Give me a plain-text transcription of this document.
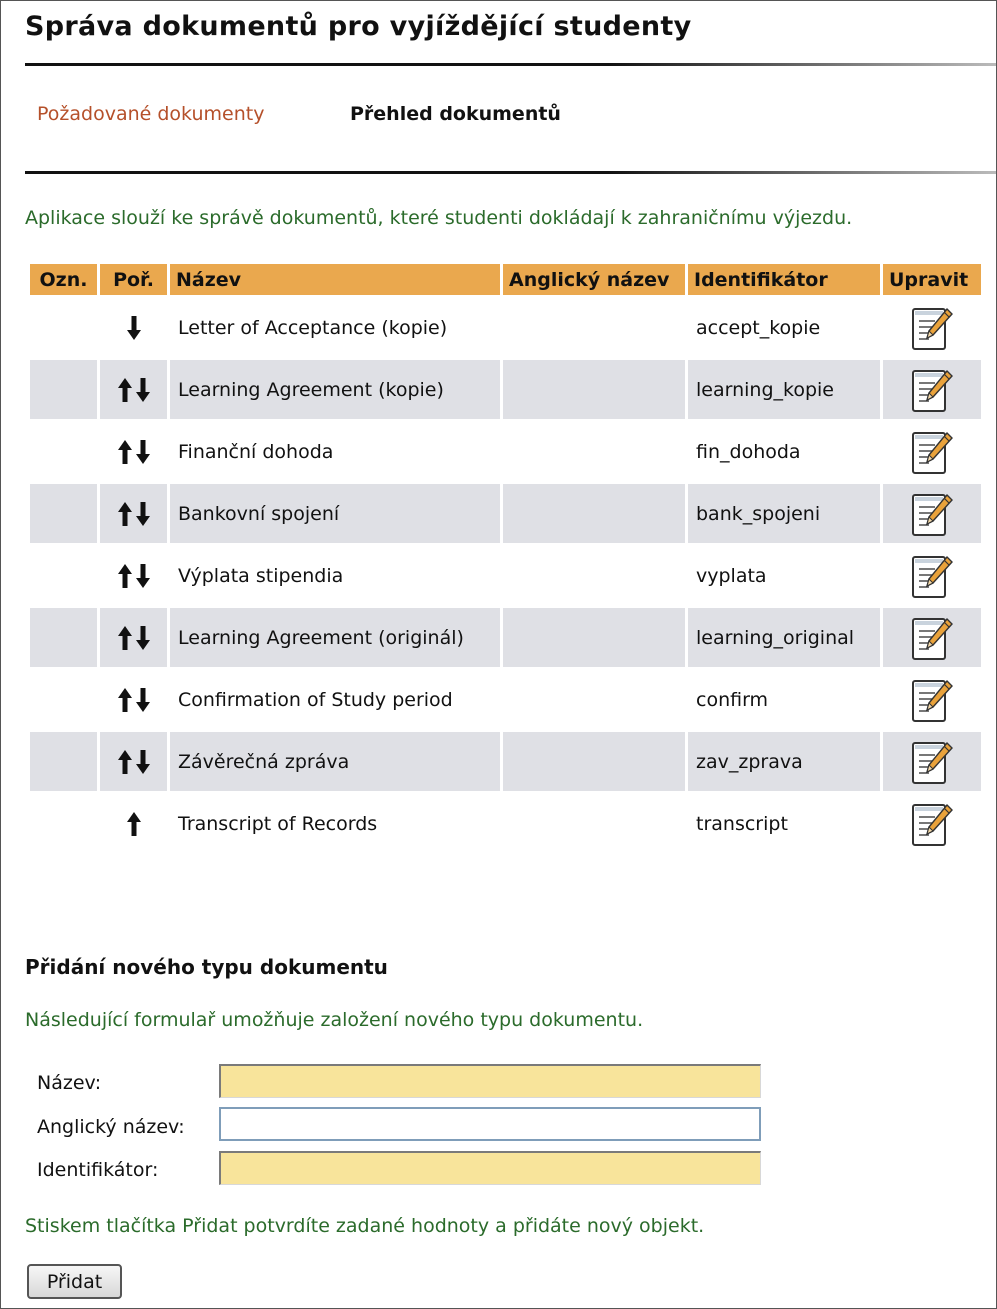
Správa dokumentů pro vyjíždějící studenty
Požadované dokumenty	Přehled dokumentů

Aplikace slouží ke správě dokumentů, které studenti dokládají k zahraničnímu výjezdu.

Ozn.	Poř.	Název	Anglický název	Identifikátor	Upravit

	Letter of Acceptance (kopie)		accept_kopie	

	Learning Agreement (kopie)		learning_kopie	

	Finanční dohoda		fin_dohoda	

	Bankovní spojení		bank_spojeni	

	Výplata stipendia		vyplata	

	Learning Agreement (originál)		learning_original	

	Confirmation of Study period		confirm	

	Závěrečná zpráva		zav_zprava	

	Transcript of Records		transcript	
Přidání nového typu dokumentu

Následující formulař umožňuje založení nového typu dokumentu.

Název:
Anglický název:
Identifikátor:

Stiskem tlačítka Přidat potvrdíte zadané hodnoty a přidáte nový objekt.

Přidat
